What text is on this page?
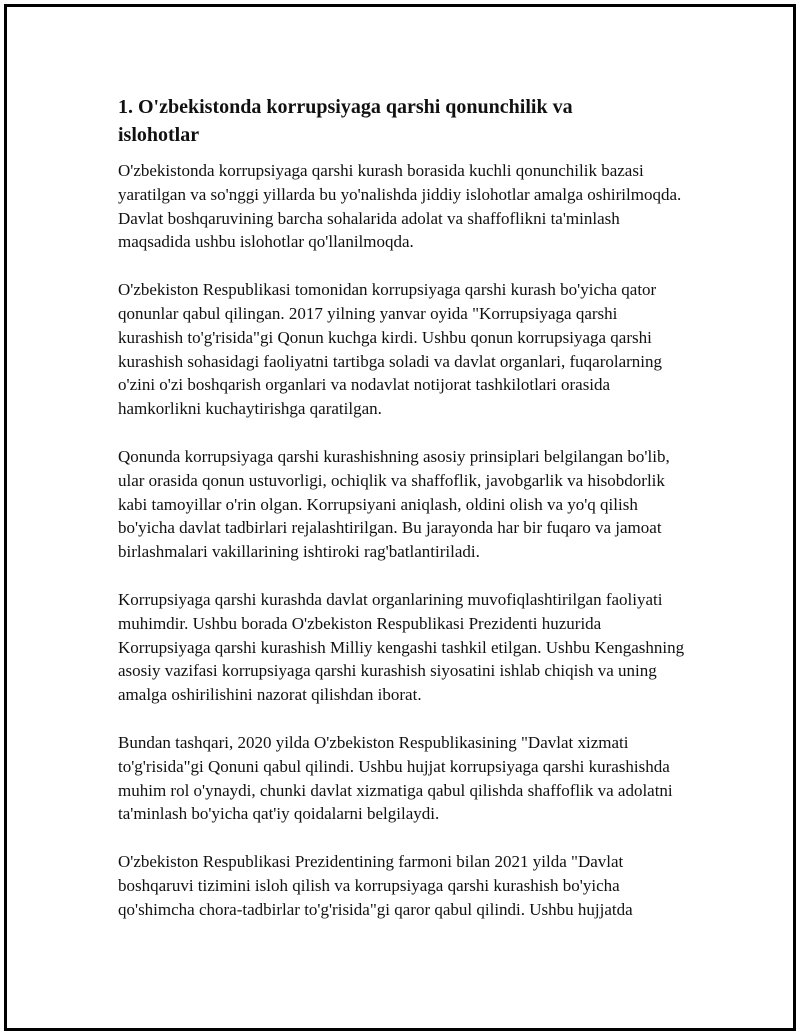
1. O'zbekistonda korrupsiyaga qarshi qonunchilik va islohotlar

O'zbekistonda korrupsiyaga qarshi kurash borasida kuchli qonunchilik bazasi yaratilgan va so'nggi yillarda bu yo'nalishda jiddiy islohotlar amalga oshirilmoqda. Davlat boshqaruvining barcha sohalarida adolat va shaffoflikni ta'minlash maqsadida ushbu islohotlar qo'llanilmoqda.

O'zbekiston Respublikasi tomonidan korrupsiyaga qarshi kurash bo'yicha qator qonunlar qabul qilingan. 2017 yilning yanvar oyida "Korrupsiyaga qarshi kurashish to'g'risida"gi Qonun kuchga kirdi. Ushbu qonun korrupsiyaga qarshi kurashish sohasidagi faoliyatni tartibga soladi va davlat organlari, fuqarolarning o'zini o'zi boshqarish organlari va nodavlat notijorat tashkilotlari orasida hamkorlikni kuchaytirishga qaratilgan.

Qonunda korrupsiyaga qarshi kurashishning asosiy prinsiplari belgilangan bo'lib, ular orasida qonun ustuvorligi, ochiqlik va shaffoflik, javobgarlik va hisobdorlik kabi tamoyillar o'rin olgan. Korrupsiyani aniqlash, oldini olish va yo'q qilish bo'yicha davlat tadbirlari rejalashtirilgan. Bu jarayonda har bir fuqaro va jamoat birlashmalari vakillarining ishtiroki rag'batlantiriladi.

Korrupsiyaga qarshi kurashda davlat organlarining muvofiqlashtirilgan faoliyati muhimdir. Ushbu borada O'zbekiston Respublikasi Prezidenti huzurida Korrupsiyaga qarshi kurashish Milliy kengashi tashkil etilgan. Ushbu Kengashning asosiy vazifasi korrupsiyaga qarshi kurashish siyosatini ishlab chiqish va uning amalga oshirilishini nazorat qilishdan iborat.

Bundan tashqari, 2020 yilda O'zbekiston Respublikasining "Davlat xizmati to'g'risida"gi Qonuni qabul qilindi. Ushbu hujjat korrupsiyaga qarshi kurashishda muhim rol o'ynaydi, chunki davlat xizmatiga qabul qilishda shaffoflik va adolatni ta'minlash bo'yicha qat'iy qoidalarni belgilaydi.

O'zbekiston Respublikasi Prezidentining farmoni bilan 2021 yilda "Davlat boshqaruvi tizimini isloh qilish va korrupsiyaga qarshi kurashish bo'yicha qo'shimcha chora-tadbirlar to'g'risida"gi qaror qabul qilindi. Ushbu hujjatda
